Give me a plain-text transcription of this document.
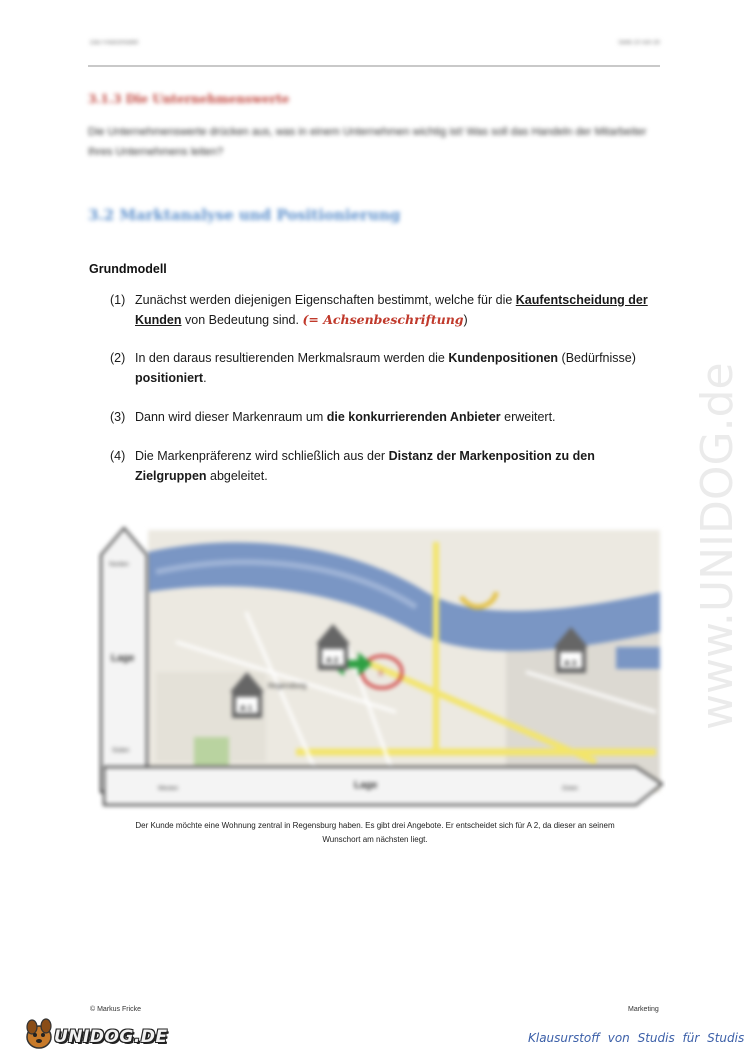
Das Finanzmodell	Seite 20 von 30
3.1.3 Die Unternehmenswerte
Die Unternehmenswerte drücken aus, was in einem Unternehmen wichtig ist! Was soll das Handeln der Mitarbeiter Ihres Unternehmens leiten?
3.2 Marktanalyse und Positionierung
Grundmodell
(1) Zunächst werden diejenigen Eigenschaften bestimmt, welche für die Kaufentscheidung der
Kunden von Bedeutung sind. (= Achsenbeschriftung)
(2) In den daraus resultierenden Merkmalsraum werden die Kundenpositionen (Bedürfnisse)
positioniert.
(3) Dann wird dieser Markenraum um die konkurrierenden Anbieter erweitert.
(4) Die Markenpräferenz wird schließlich aus der Distanz der Markenposition zu den
Zielgruppen abgeleitet.
A 2
A 1
A 3
X
Regensburg
Norden
Lage
Süden
Westen	Lage	Osten
Der Kunde möchte eine Wohnung zentral in Regensburg haben. Es gibt drei Angebote. Er entscheidet sich für A 2, da dieser an seinem
Wunschort am nächsten liegt.
www.UNIDOG.de
© Markus Fricke	Marketing
UNIDOG.DE	Klausurstoff von Studis für Studis
